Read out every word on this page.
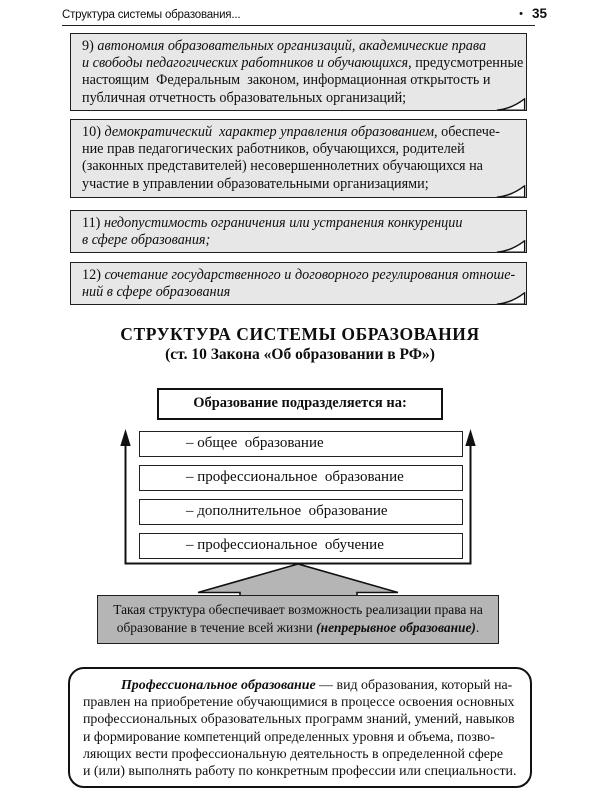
Структура системы образования...	• 35
9) автономия образовательных организаций, академические права
и свободы педагогических работников и обучающихся, предусмотренные
настоящим  Федеральным  законом, информационная открытость и
публичная отчетность образовательных организаций;
10) демократический  характер управления образованием, обеспече-
ние прав педагогических работников, обучающихся, родителей
(законных представителей) несовершеннолетних обучающихся на
участие в управлении образовательными организациями;
11) недопустимость ограничения или устранения конкуренции
в сфере образования;
12) сочетание государственного и договорного регулирования отноше-
ний в сфере образования
СТРУКТУРА СИСТЕМЫ ОБРАЗОВАНИЯ
(ст. 10 Закона «Об образовании в РФ»)
Образование подразделяется на:
– общее  образование
– профессиональное  образование
– дополнительное  образование
– профессиональное  обучение
Такая структура обеспечивает возможность реализации права на
образование в течение всей жизни (непрерывное образование).
Профессиональное образование — вид образования, который на-
правлен на приобретение обучающимися в процессе освоения основных
профессиональных образовательных программ знаний, умений, навыков
и формирование компетенций определенных уровня и объема, позво-
ляющих вести профессиональную деятельность в определенной сфере
и (или) выполнять работу по конкретным профессии или специальности.
